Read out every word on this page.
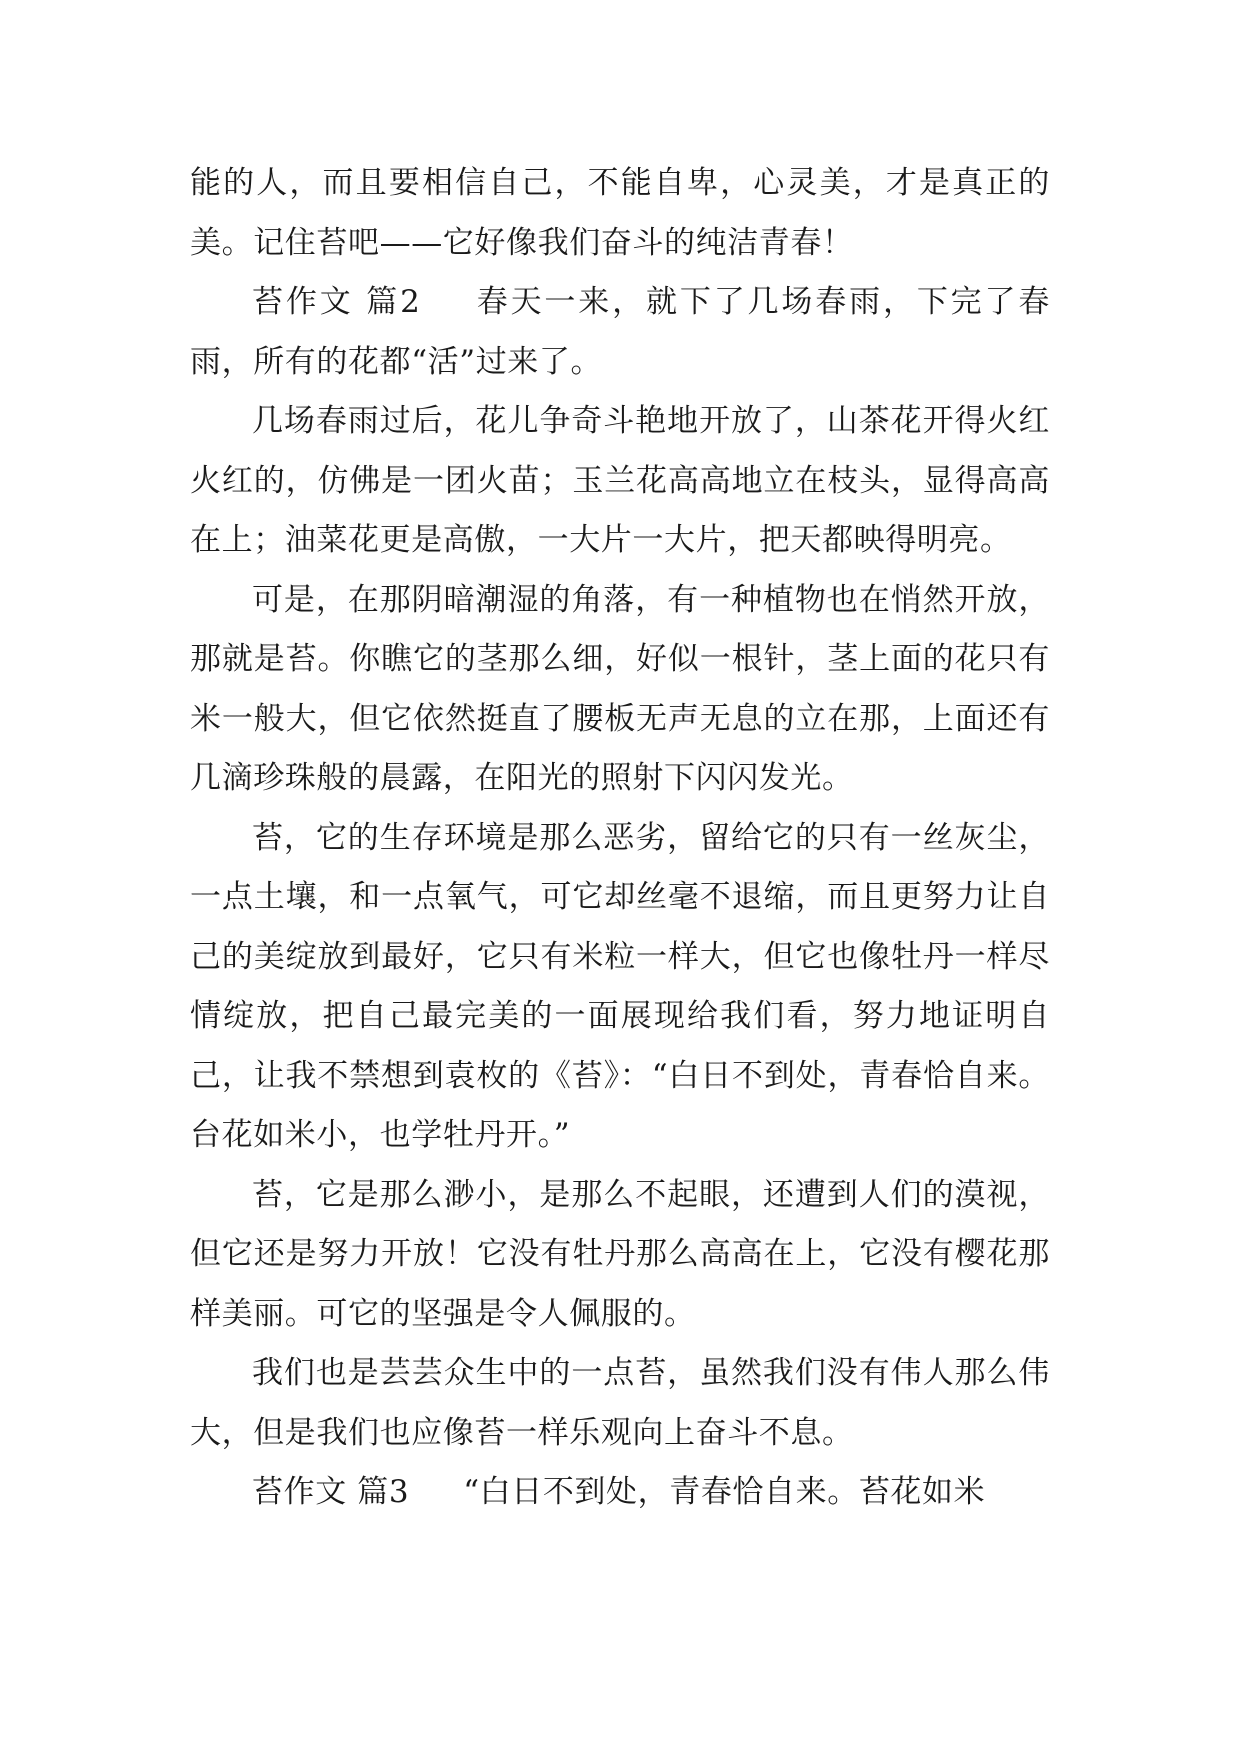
能的人，而且要相信自己，不能自卑，心灵美，才是真正的美。记住苔吧——它好像我们奋斗的纯洁青春！

苔作文 篇2 春天一来，就下了几场春雨，下完了春雨，所有的花都“活”过来了。

几场春雨过后，花儿争奇斗艳地开放了，山茶花开得火红火红的，仿佛是一团火苗；玉兰花高高地立在枝头，显得高高在上；油菜花更是高傲，一大片一大片，把天都映得明亮。

可是，在那阴暗潮湿的角落，有一种植物也在悄然开放，那就是苔。你瞧它的茎那么细，好似一根针，茎上面的花只有米一般大，但它依然挺直了腰板无声无息的立在那，上面还有几滴珍珠般的晨露，在阳光的照射下闪闪发光。

苔，它的生存环境是那么恶劣，留给它的只有一丝灰尘，一点土壤，和一点氧气，可它却丝毫不退缩，而且更努力让自己的美绽放到最好，它只有米粒一样大，但它也像牡丹一样尽情绽放，把自己最完美的一面展现给我们看，努力地证明自己，让我不禁想到袁枚的《苔》：“白日不到处，青春恰自来。台花如米小，也学牡丹开。”

苔，它是那么渺小，是那么不起眼，还遭到人们的漠视，但它还是努力开放！它没有牡丹那么高高在上，它没有樱花那样美丽。可它的坚强是令人佩服的。

我们也是芸芸众生中的一点苔，虽然我们没有伟人那么伟大，但是我们也应像苔一样乐观向上奋斗不息。

苔作文 篇3 “白日不到处，青春恰自来。苔花如米
